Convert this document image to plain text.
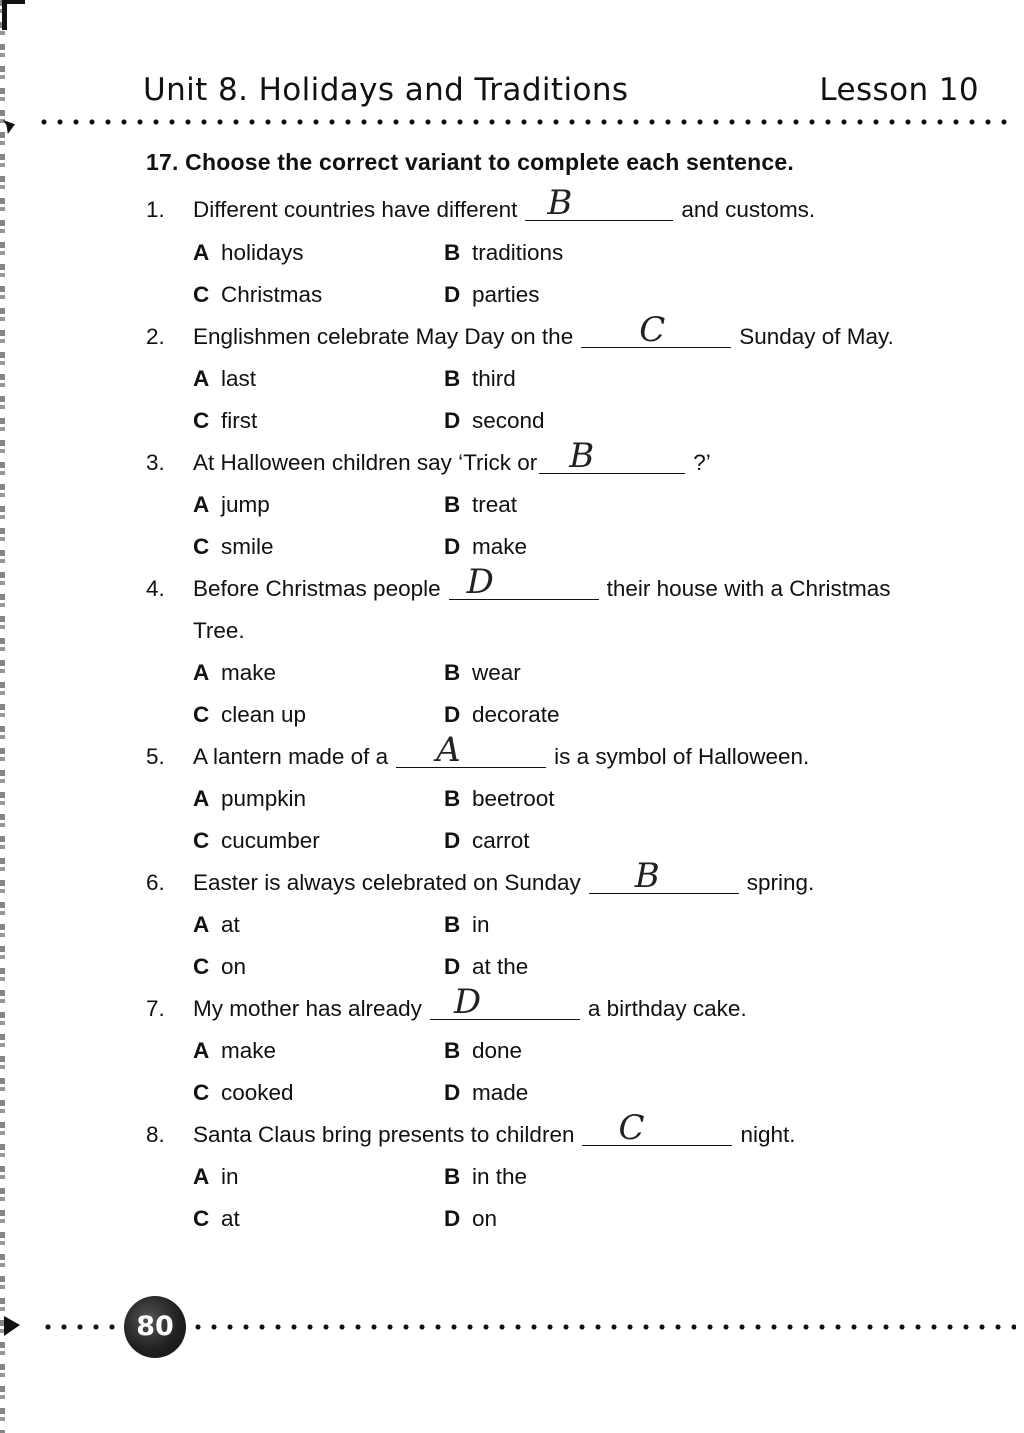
Unit 8. Holidays and Traditions	Lesson 10
17. Choose the correct variant to complete each sentence.
1. Different countries have different B	and customs.
A holidays	B traditions
C Christmas	D parties
2. Englishmen celebrate May Day on the C	Sunday of May.
A last	B third
C first	D second
3. At Halloween children say ‘Trick or B	?’
A jump	B treat
C smile	D make
4. Before Christmas people D	their house with a Christmas
Tree.
A make	B wear
C clean up	D decorate
5. A lantern made of a A	is a symbol of Halloween.
A pumpkin	B beetroot
C cucumber	D carrot
6. Easter is always celebrated on Sunday B	spring.
A at	B in
C on	D at the
7. My mother has already D	a birthday cake.
A make	B done
C cooked	D made
8. Santa Claus bring presents to children C	night.
A in	B in the
C at	D on
80
